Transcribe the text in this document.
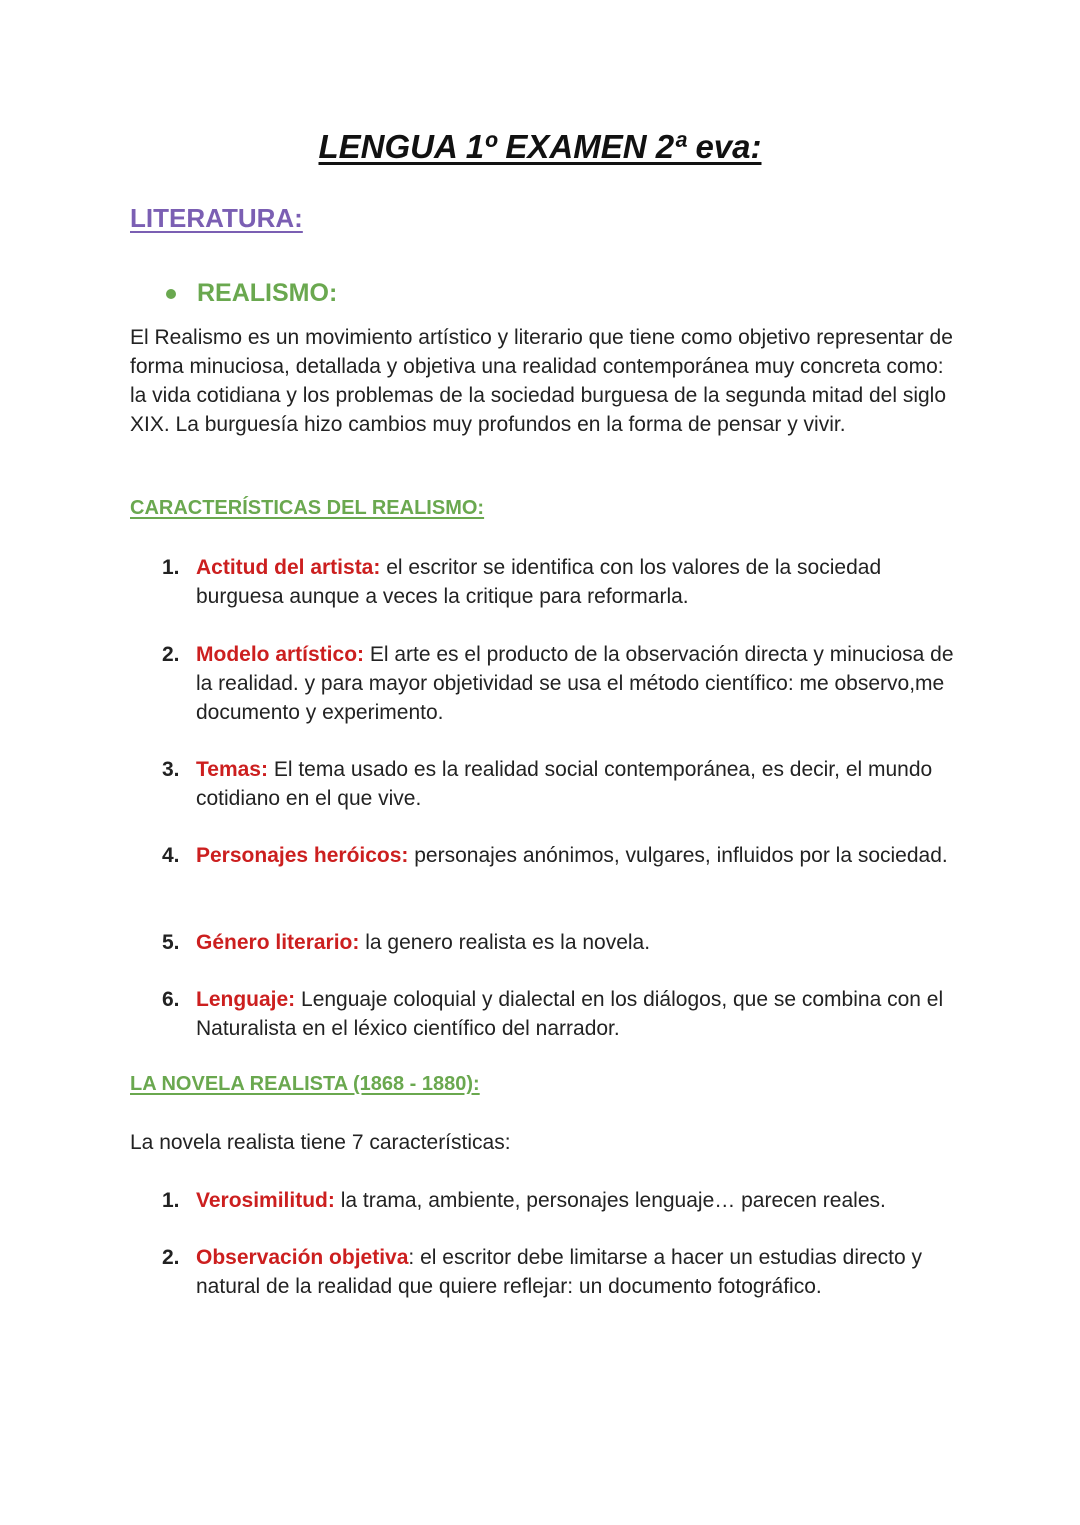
LENGUA 1º EXAMEN 2ª eva:
LITERATURA:
REALISMO:
El Realismo es un movimiento artístico y literario que tiene como objetivo representar de forma minuciosa, detallada y objetiva una realidad contemporánea muy concreta como: la vida cotidiana y los problemas de la sociedad burguesa de la segunda mitad del siglo XIX. La burguesía hizo cambios muy profundos en la forma de pensar y vivir.
CARACTERÍSTICAS DEL REALISMO:
1. Actitud del artista: el escritor se identifica con los valores de la sociedad burguesa aunque a veces la critique para reformarla.
2. Modelo artístico: El arte es el producto de la observación directa y minuciosa de la realidad. y para mayor objetividad se usa el método científico: me observo,me documento y experimento.
3. Temas: El tema usado es la realidad social contemporánea, es decir, el mundo cotidiano en el que vive.
4. Personajes heróicos: personajes anónimos, vulgares, influidos por la sociedad.
5. Género literario: la genero realista es la novela.
6. Lenguaje: Lenguaje coloquial y dialectal en los diálogos, que se combina con el Naturalista en el léxico científico del narrador.
LA NOVELA REALISTA (1868 - 1880):
La novela realista tiene 7 características:
1. Verosimilitud: la trama, ambiente, personajes lenguaje… parecen reales.
2. Observación objetiva: el escritor debe limitarse a hacer un estudias directo y natural de la realidad que quiere reflejar: un documento fotográfico.
